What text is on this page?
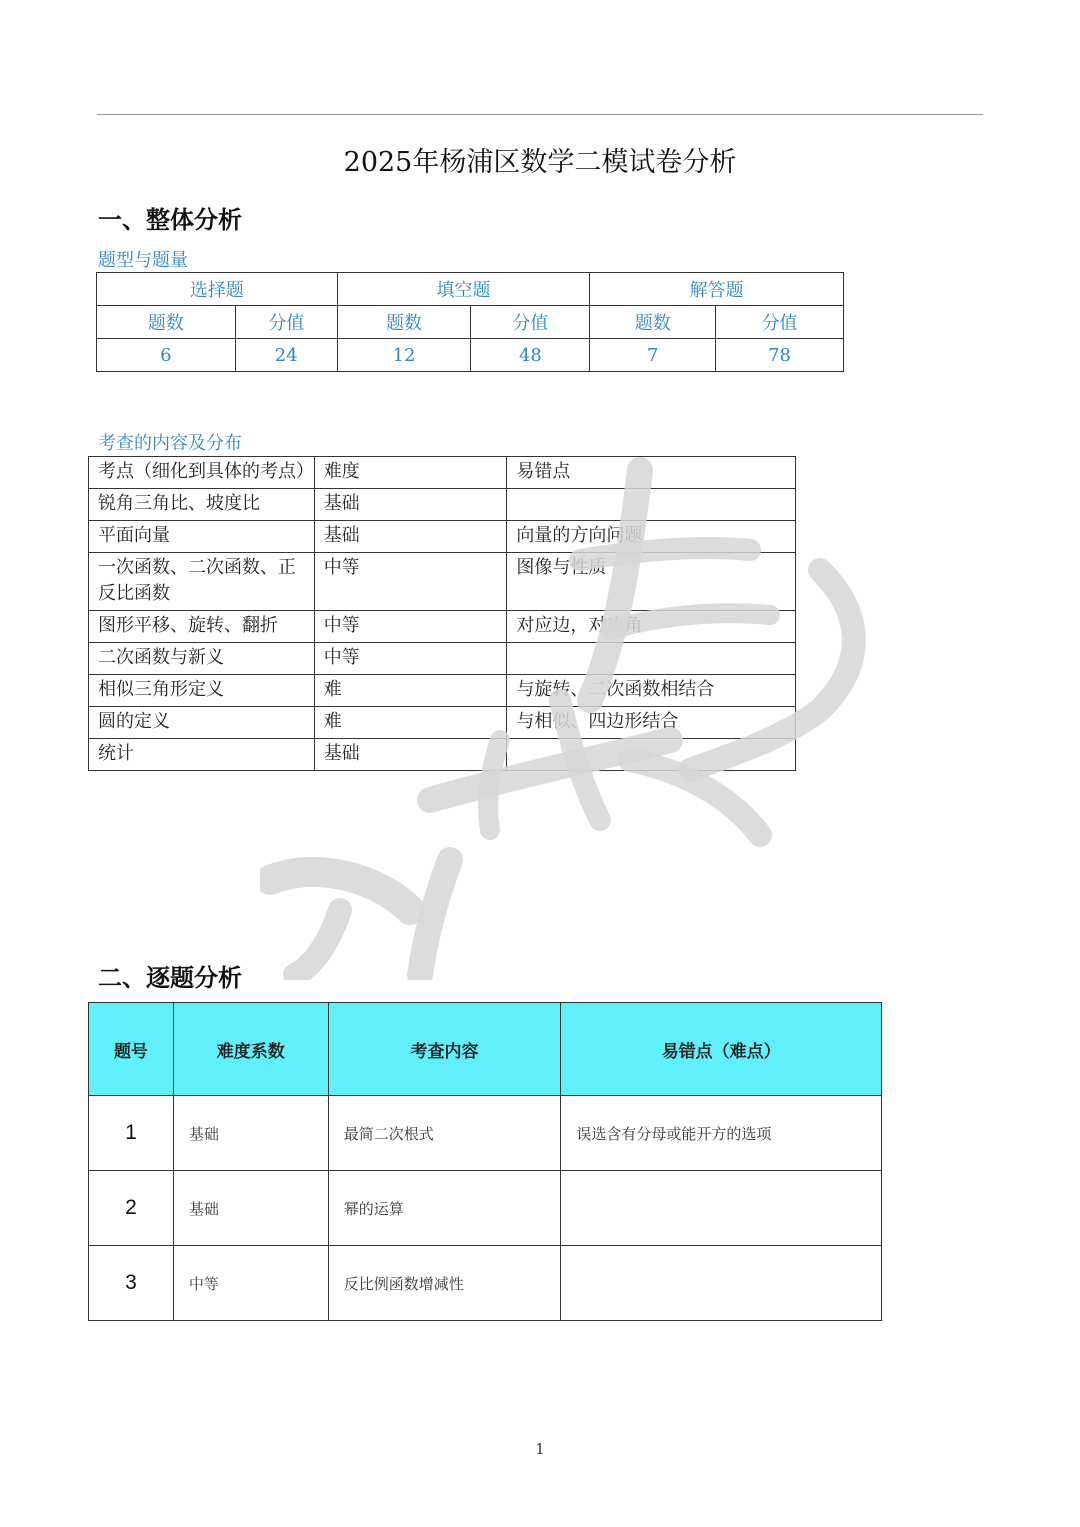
2025年杨浦区数学二模试卷分析
一、整体分析
题型与题量
选择题		填空题		解答题	
题数	分值	题数	分值	题数	分值
6	24	12	48	7	78
考查的内容及分布
考点（细化到具体的考点）	难度	易错点
锐角三角比、坡度比	基础	
平面向量	基础	向量的方向问题
一次函数、二次函数、正反比函数	中等	图像与性质
图形平移、旋转、翻折	中等	对应边，对应角
二次函数与新义	中等	
相似三角形定义	难	与旋转、二次函数相结合
圆的定义	难	与相似、四边形结合
统计	基础	
二、逐题分析
题号	难度系数	考查内容	易错点（难点）
1	基础	最简二次根式	误选含有分母或能开方的选项
2	基础	幂的运算	
3	中等	反比例函数增减性	
1
